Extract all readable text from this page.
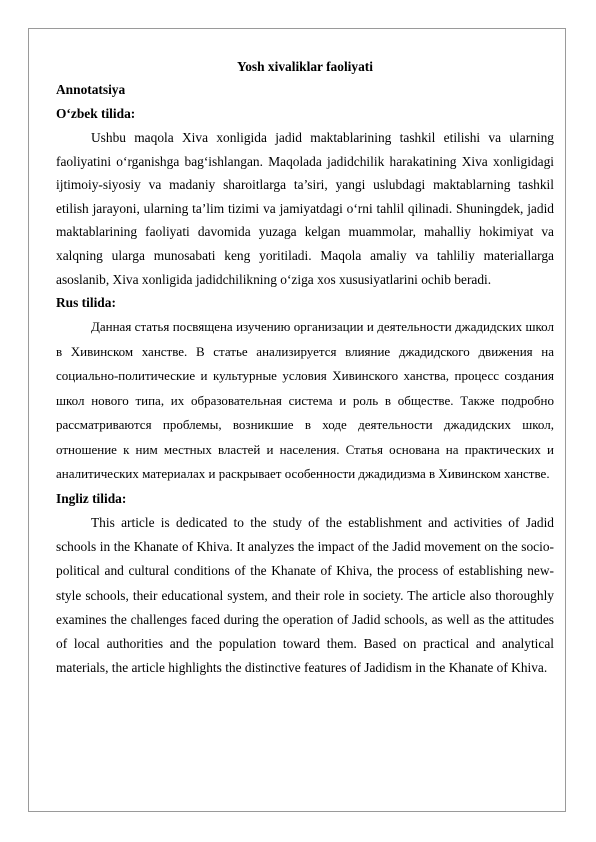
Yosh xivaliklar faoliyati
Annotatsiya
O‘zbek tilida:

Ushbu maqola Xiva xonligida jadid maktablarining tashkil etilishi va ularning faoliyatini o‘rganishga bag‘ishlangan. Maqolada jadidchilik harakatining Xiva xonligidagi ijtimoiy-siyosiy va madaniy sharoitlarga ta’siri, yangi uslubdagi maktablarning tashkil etilish jarayoni, ularning ta’lim tizimi va jamiyatdagi o‘rni tahlil qilinadi. Shuningdek, jadid maktablarining faoliyati davomida yuzaga kelgan muammolar, mahalliy hokimiyat va xalqning ularga munosabati keng yoritiladi. Maqola amaliy va tahliliy materiallarga asoslanib, Xiva xonligida jadidchilikning o‘ziga xos xususiyatlarini ochib beradi.

Rus tilida:

Данная статья посвящена изучению организации и деятельности джадидских школ в Хивинском ханстве. В статье анализируется влияние джадидского движения на социально-политические и культурные условия Хивинского ханства, процесс создания школ нового типа, их образовательная система и роль в обществе. Также подробно рассматриваются проблемы, возникшие в ходе деятельности джадидских школ, отношение к ним местных властей и населения. Статья основана на практических и аналитических материалах и раскрывает особенности джадидизма в Хивинском ханстве.

Ingliz tilida:

This article is dedicated to the study of the establishment and activities of Jadid schools in the Khanate of Khiva. It analyzes the impact of the Jadid movement on the socio-political and cultural conditions of the Khanate of Khiva, the process of establishing new-style schools, their educational system, and their role in society. The article also thoroughly examines the challenges faced during the operation of Jadid schools, as well as the attitudes of local authorities and the population toward them. Based on practical and analytical materials, the article highlights the distinctive features of Jadidism in the Khanate of Khiva.
